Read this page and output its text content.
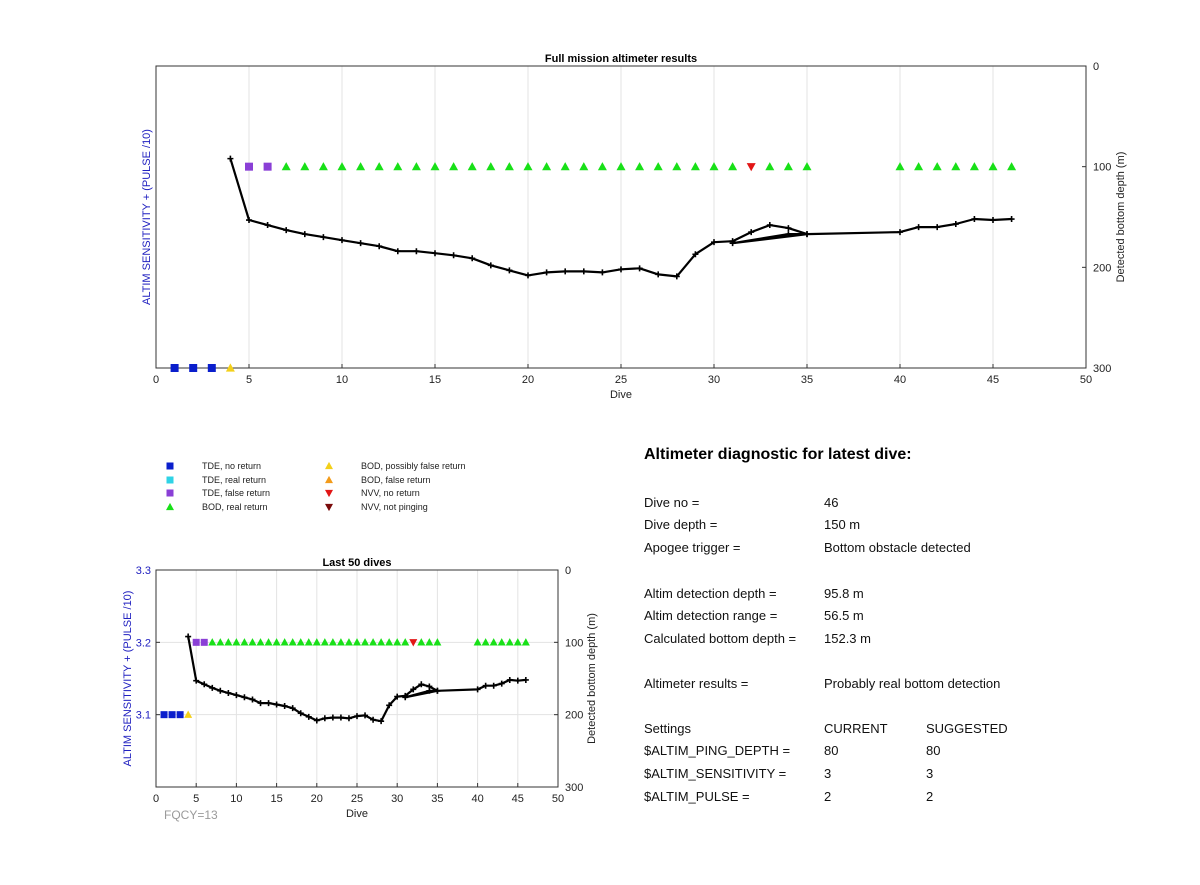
0	5	10	15	20	25	30	35	40	45	50
0
100
200
300
Full mission altimeter results
Dive
ALTIM SENSITIVITY + (PULSE /10)	Detected bottom depth (m)
0	5	10	15	20	25	30	35	40	45	50
0
100
200
300
3.1
3.2
3.3
Last 50 dives
Dive
ALTIM SENSITIVITY + (PULSE /10)	Detected bottom depth (m)
FQCY=13
TDE, no return
TDE, real return
TDE, false return
BOD, real return
BOD, possibly false return
BOD, false return
NVV, no return
NVV, not pinging
Altimeter diagnostic for latest dive:
Dive no =	46
Dive depth =	150 m
Apogee trigger =	Bottom obstacle detected
Altim detection depth =	95.8 m
Altim detection range =	56.5 m
Calculated bottom depth = 152.3 m
Altimeter results =	Probably real bottom detection
Settings	CURRENT	SUGGESTED
$ALTIM_PING_DEPTH =	80	80
$ALTIM_SENSITIVITY =	3	3
$ALTIM_PULSE =	2	2
